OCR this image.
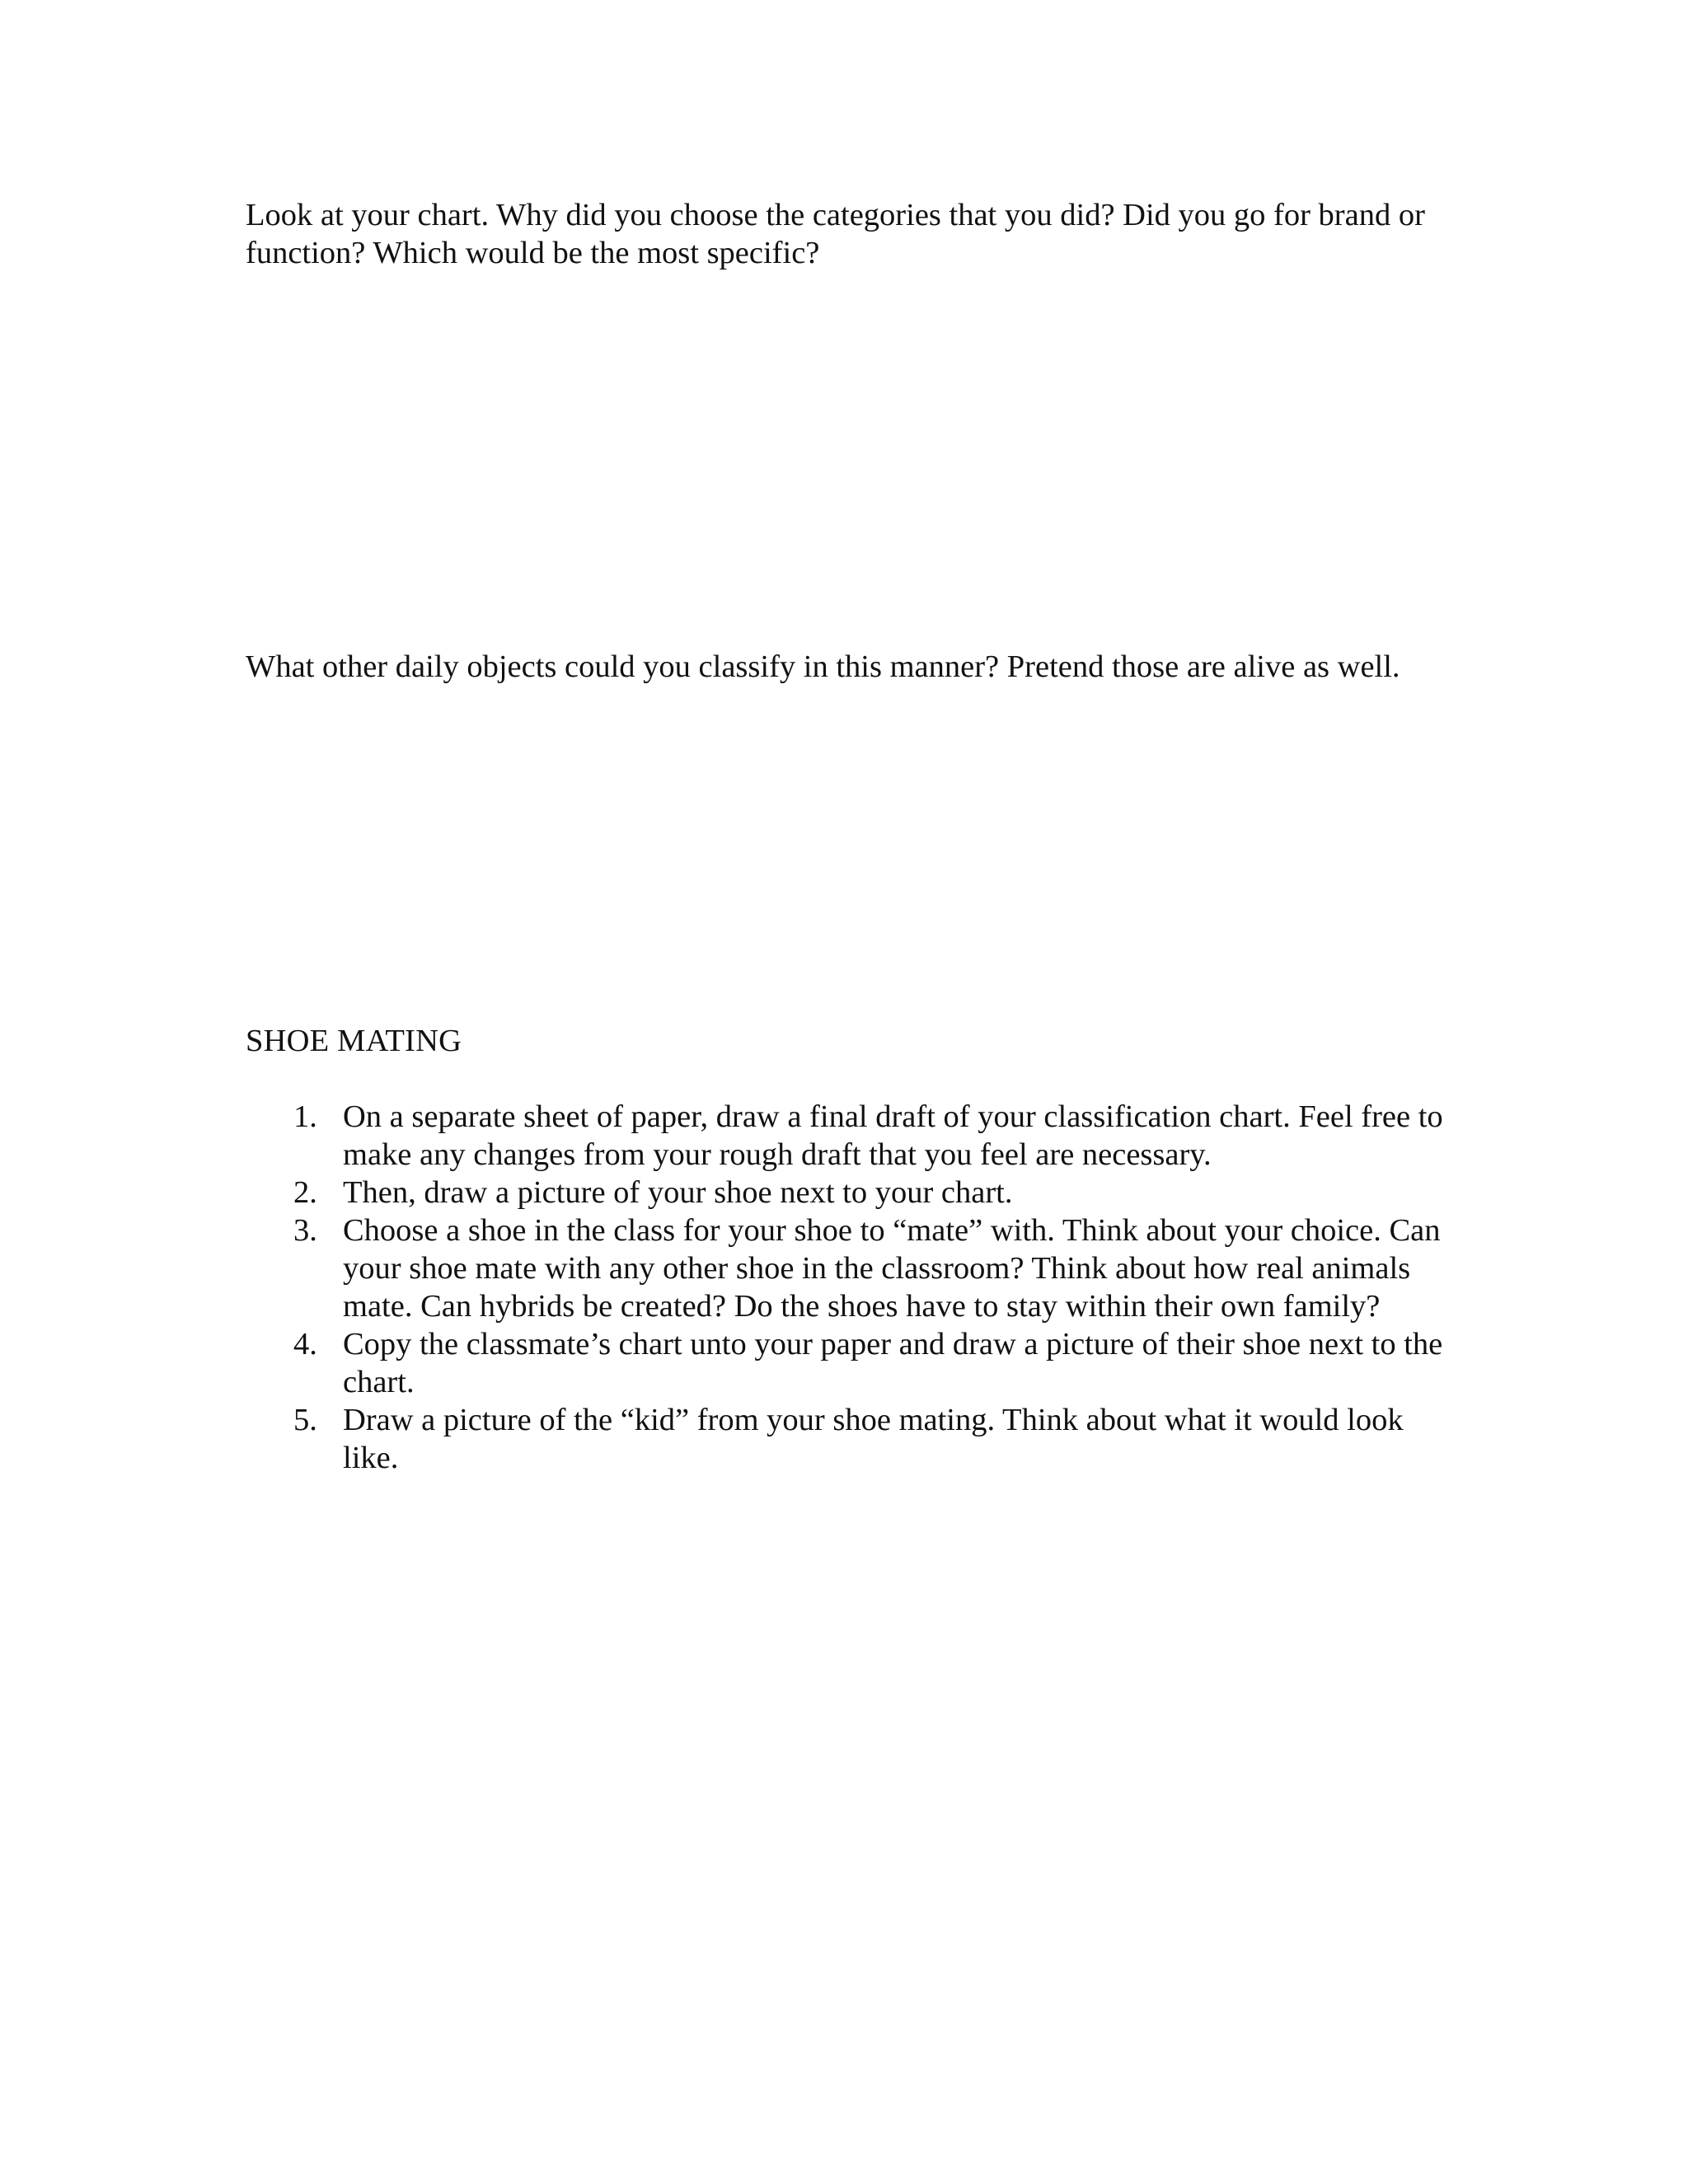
Look at your chart. Why did you choose the categories that you did? Did you go for brand or function? Which would be the most specific?

What other daily objects could you classify in this manner? Pretend those are alive as well.

SHOE MATING

1. On a separate sheet of paper, draw a final draft of your classification chart. Feel free to make any changes from your rough draft that you feel are necessary.
2. Then, draw a picture of your shoe next to your chart.
3. Choose a shoe in the class for your shoe to “mate” with. Think about your choice. Can your shoe mate with any other shoe in the classroom? Think about how real animals mate. Can hybrids be created? Do the shoes have to stay within their own family?
4. Copy the classmate’s chart unto your paper and draw a picture of their shoe next to the chart.
5. Draw a picture of the “kid” from your shoe mating. Think about what it would look like.
